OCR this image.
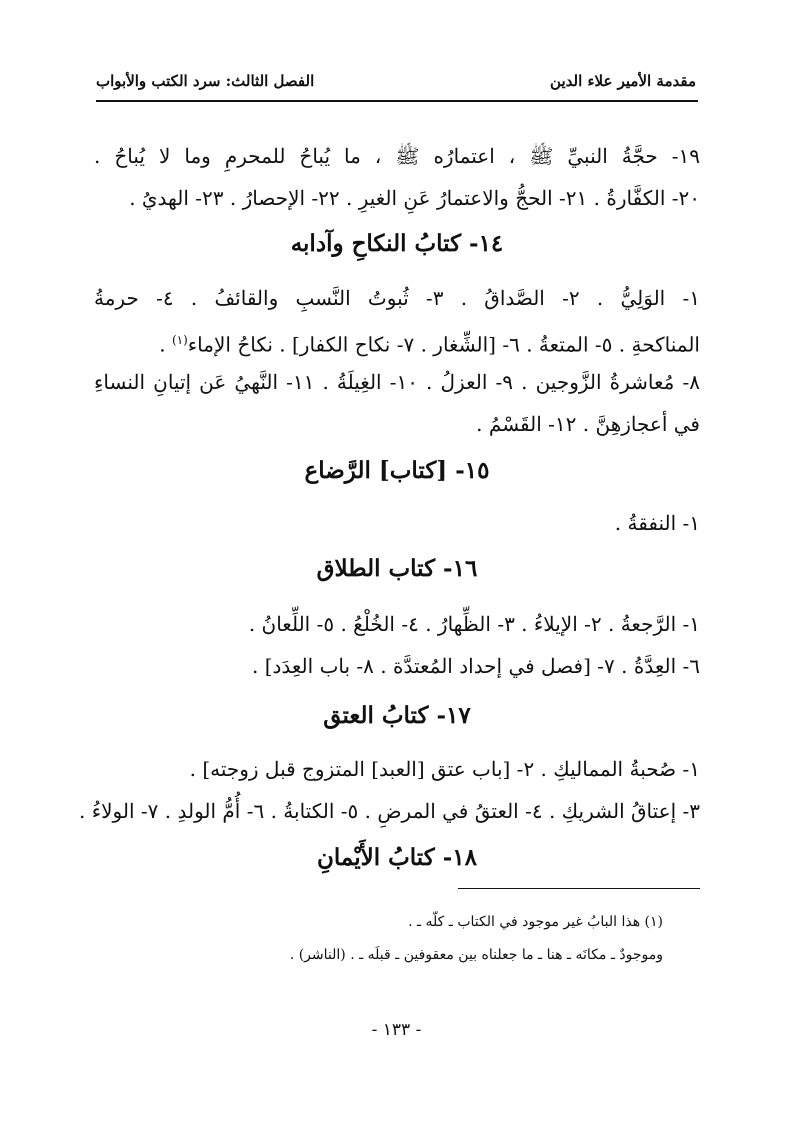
مقدمة الأمير علاء الدين
الفصل الثالث: سرد الكتب والأبواب
١٩- حجَّةُ النبيِّ ﷺ ، اعتمارُه ﷺ ، ما يُباحُ للمحرمِ وما لا يُباحُ .
٢٠- الكفَّارةُ . ٢١- الحجُّ والاعتمارُ عَنِ الغيرِ . ٢٢- الإحصارُ . ٢٣- الهديُ .
١٤- كتابُ النكاحِ وآدابه
١- الوَلِيُّ . ٢- الصَّداقُ . ٣- ثُبوتُ النَّسبِ والقائفُ . ٤- حرمةُ
المناكحةِ . ٥- المتعةُ . ٦- [الشِّغار . ٧- نكاح الكفار] . نكاحُ الإماء$^{(١)}$ .
٨- مُعاشرةُ الزَّوجين . ٩- العزلُ . ١٠- الغِيلَةُ . ١١- النَّهيُ عَن إتيانِ النساءِ
في أعجازهِنَّ . ١٢- القَسْمُ .
١٥- [كتاب] الرَّضاع
١- النفقةُ .
١٦- كتاب الطلاق
١- الرَّجعةُ . ٢- الإيلاءُ . ٣- الظِّهارُ . ٤- الخُلْعُ . ٥- اللِّعانُ .
٦- العِدَّةُ . ٧- [فصل في إحداد المُعتدَّة . ٨- باب العِدَد] .
١٧- كتابُ العتق
١- صُحبةُ المماليكِ . ٢- [باب عتق [العبد] المتزوج قبل زوجته] .
٣- إعتاقُ الشريكِ . ٤- العتقُ في المرضِ . ٥- الكتابةُ . ٦- أُمُّ الولدِ . ٧- الولاءُ .
١٨- كتابُ الأَيْمانِ
(١) هذا البابُ غير موجود في الكتاب ـ كلّه ـ .
وموجودٌ ـ مكانَه ـ هنا ـ ما جعلناه بين معقوفين ـ قبلَه ـ . (الناشر) .
- ١٣٣ -
